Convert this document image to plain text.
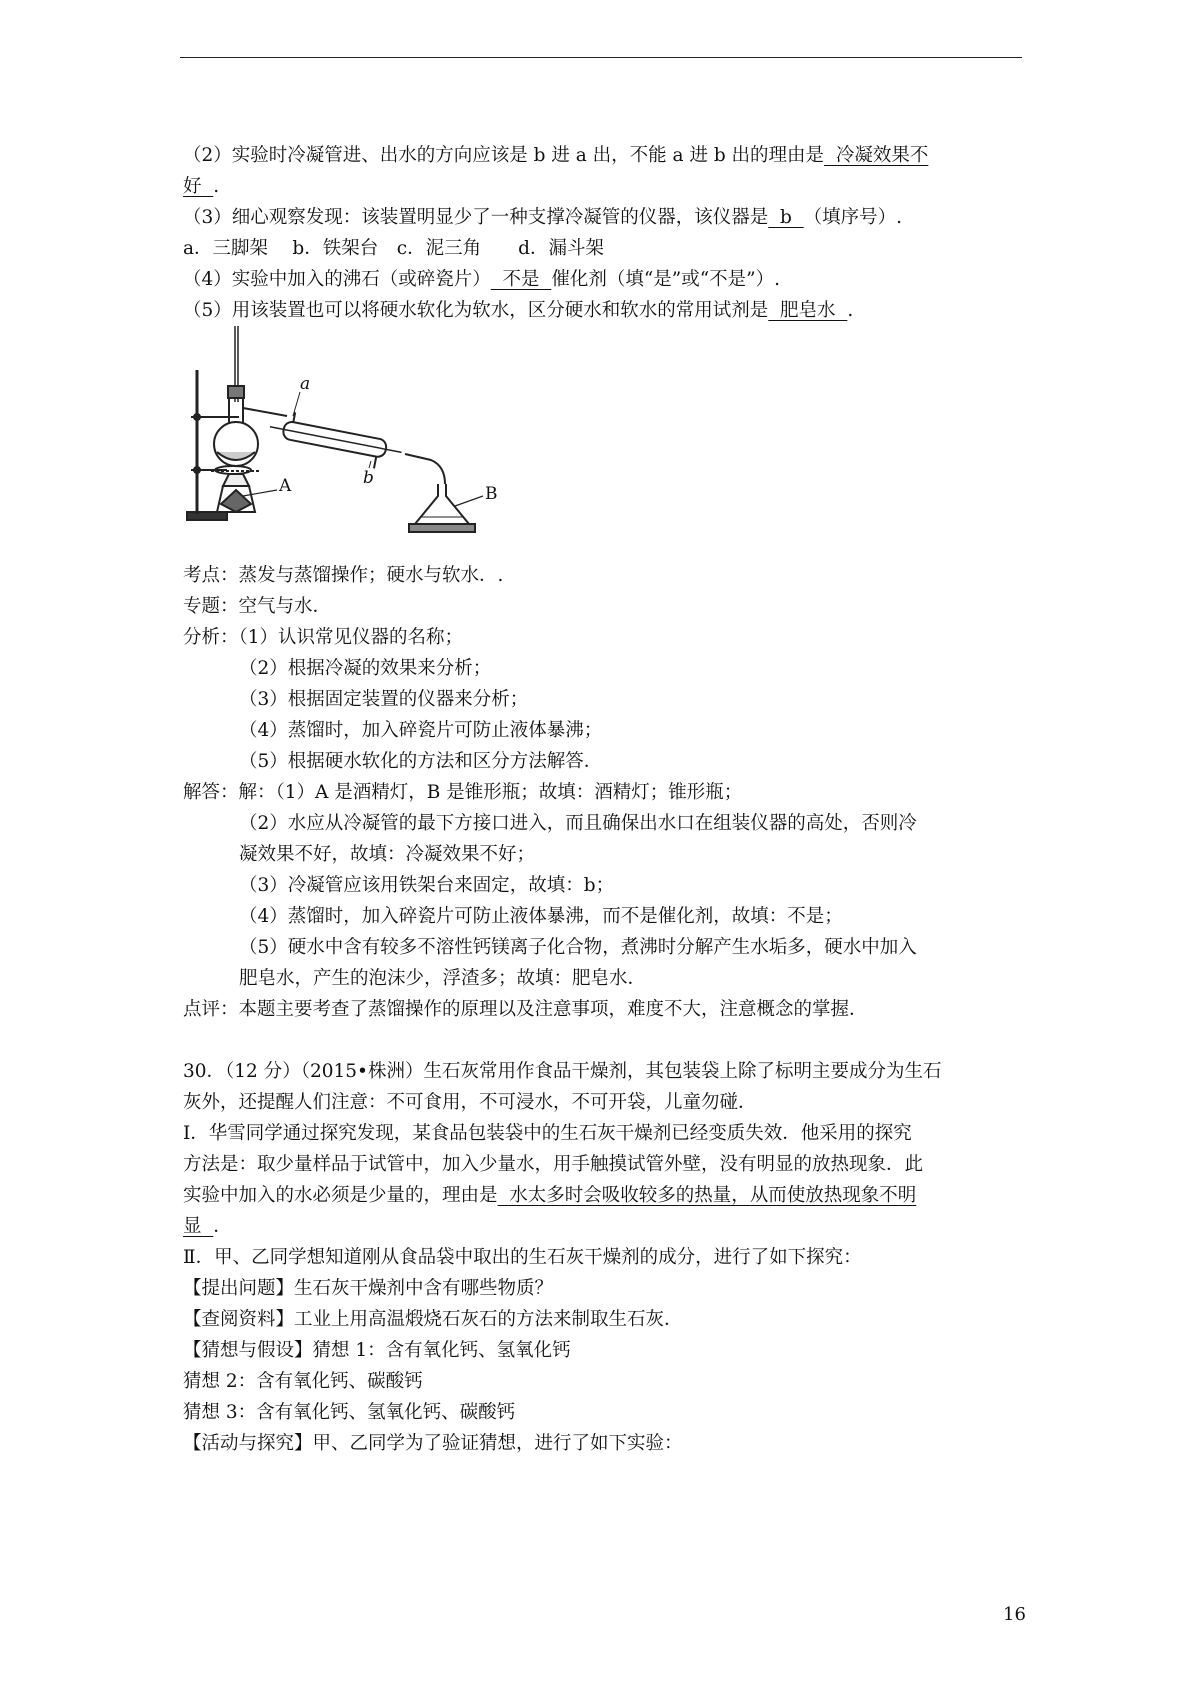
（2）实验时冷凝管进、出水的方向应该是 b 进 a 出，不能 a 进 b 出的理由是  冷凝效果不
好  .
（3）细心观察发现：该装置明显少了一种支撑冷凝管的仪器，该仪器是  b  （填序号）.
a．三脚架　 b．铁架台　c．泥三角　　d．漏斗架
（4）实验中加入的沸石（或碎瓷片）  不是  催化剂（填“是”或“不是”）.
（5）用该装置也可以将硬水软化为软水，区分硬水和软水的常用试剂是  肥皂水  .
a
b
A	B
考点：蒸发与蒸馏操作；硬水与软水．.
专题：空气与水．
分析：（1）认识常见仪器的名称；
（2）根据冷凝的效果来分析；
（3）根据固定装置的仪器来分析；
（4）蒸馏时，加入碎瓷片可防止液体暴沸；
（5）根据硬水软化的方法和区分方法解答．
解答：解：（1）A 是酒精灯，B 是锥形瓶；故填：酒精灯；锥形瓶；
（2）水应从冷凝管的最下方接口进入，而且确保出水口在组装仪器的高处，否则冷
凝效果不好，故填：冷凝效果不好；
（3）冷凝管应该用铁架台来固定，故填：b；
（4）蒸馏时，加入碎瓷片可防止液体暴沸，而不是催化剂，故填：不是；
（5）硬水中含有较多不溶性钙镁离子化合物，煮沸时分解产生水垢多，硬水中加入
肥皂水，产生的泡沫少，浮渣多；故填：肥皂水．
点评：本题主要考查了蒸馏操作的原理以及注意事项，难度不大，注意概念的掌握．
30．（12 分）（2015•株洲）生石灰常用作食品干燥剂，其包装袋上除了标明主要成分为生石
灰外，还提醒人们注意：不可食用，不可浸水，不可开袋，儿童勿碰．
Ⅰ．华雪同学通过探究发现，某食品包装袋中的生石灰干燥剂已经变质失效．他采用的探究
方法是：取少量样品于试管中，加入少量水，用手触摸试管外壁，没有明显的放热现象．此
实验中加入的水必须是少量的，理由是  水太多时会吸收较多的热量，从而使放热现象不明
显  ．
Ⅱ．甲、乙同学想知道刚从食品袋中取出的生石灰干燥剂的成分，进行了如下探究：
【提出问题】生石灰干燥剂中含有哪些物质？
【查阅资料】工业上用高温煅烧石灰石的方法来制取生石灰．
【猜想与假设】猜想 1：含有氧化钙、氢氧化钙
猜想 2：含有氧化钙、碳酸钙
猜想 3：含有氧化钙、氢氧化钙、碳酸钙
【活动与探究】甲、乙同学为了验证猜想，进行了如下实验：
16
